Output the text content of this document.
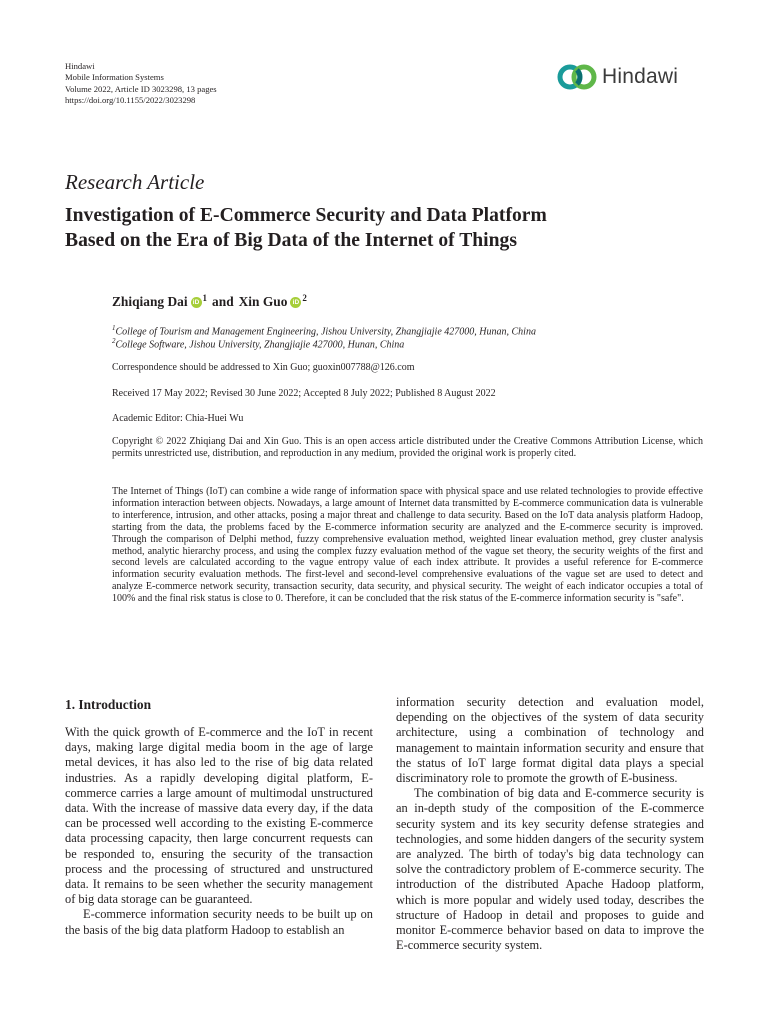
Hindawi
Mobile Information Systems
Volume 2022, Article ID 3023298, 13 pages
https://doi.org/10.1155/2022/3023298
Hindawi
Research Article
Investigation of E-Commerce Security and Data Platform
Based on the Era of Big Data of the Internet of Things
Zhiqiang Dai iD $^1$ and Xin Guo iD $^2$
$^1$College of Tourism and Management Engineering, Jishou University, Zhangjiajie 427000, Hunan, China
$^2$College Software, Jishou University, Zhangjiajie 427000, Hunan, China
Correspondence should be addressed to Xin Guo; guoxin007788@126.com
Received 17 May 2022; Revised 30 June 2022; Accepted 8 July 2022; Published 8 August 2022
Academic Editor: Chia-Huei Wu
Copyright © 2022 Zhiqiang Dai and Xin Guo. This is an open access article distributed under the Creative Commons Attribution License, which permits unrestricted use, distribution, and reproduction in any medium, provided the original work is properly cited.
The Internet of Things (IoT) can combine a wide range of information space with physical space and use related technologies to provide effective information interaction between objects. Nowadays, a large amount of Internet data transmitted by E-commerce communication data is vulnerable to interference, intrusion, and other attacks, posing a major threat and challenge to data security. Based on the IoT data analysis platform Hadoop, starting from the data, the problems faced by the E-commerce information security are analyzed and the E-commerce security is improved. Through the comparison of Delphi method, fuzzy comprehensive evaluation method, weighted linear evaluation method, grey cluster analysis method, analytic hierarchy process, and using the complex fuzzy evaluation method of the vague set theory, the security weights of the first and second levels are calculated according to the vague entropy value of each index attribute. It provides a useful reference for E-commerce information security evaluation methods. The first-level and second-level comprehensive evaluations of the vague set are used to detect and analyze E-commerce network security, transaction security, data security, and physical security. The weight of each indicator occupies a total of 100% and the final risk status is close to 0. Therefore, it can be concluded that the risk status of the E-commerce information security is "safe".
1. Introduction

With the quick growth of E-commerce and the IoT in recent days, making large digital media boom in the age of large metal devices, it has also led to the rise of big data related industries. As a rapidly developing digital platform, E-commerce carries a large amount of multimodal unstructured data. With the increase of massive data every day, if the data can be processed well according to the existing E-commerce data processing capacity, then large concurrent requests can be responded to, ensuring the security of the transaction process and the processing of structured and unstructured data. It remains to be seen whether the security management of big data storage can be guaranteed.

E-commerce information security needs to be built up on the basis of the big data platform Hadoop to establish an

information security detection and evaluation model, depending on the objectives of the system of data security architecture, using a combination of technology and management to maintain information security and ensure that the status of IoT large format digital data plays a special discriminatory role to promote the growth of E-business.

The combination of big data and E-commerce security is an in-depth study of the composition of the E-commerce security system and its key security defense strategies and technologies, and some hidden dangers of the security system are analyzed. The birth of today's big data technology can solve the contradictory problem of E-commerce security. The introduction of the distributed Apache Hadoop platform, which is more popular and widely used today, describes the structure of Hadoop in detail and proposes to guide and monitor E-commerce behavior based on data to improve the E-commerce security system.
